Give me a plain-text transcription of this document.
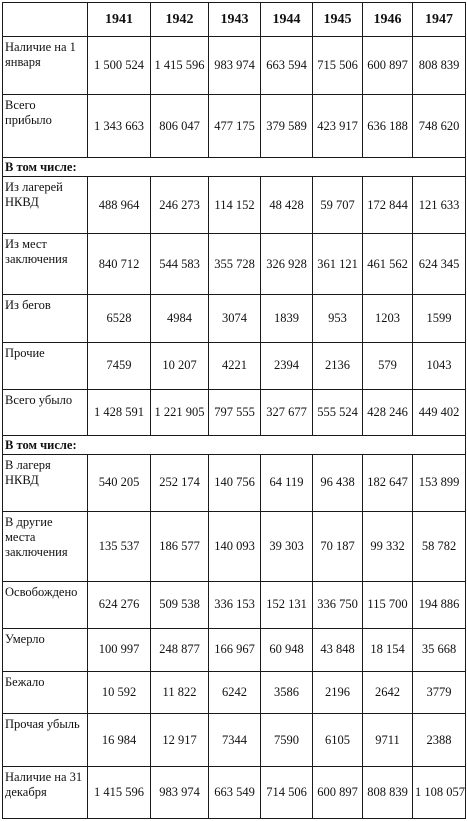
	1941	1942	1943	1944	1945	1946	1947
Наличие на 1 января	1 500 524	1 415 596	983 974	663 594	715 506	600 897	808 839
Всего прибыло	1 343 663	806 047	477 175	379 589	423 917	636 188	748 620
В том числе:							
Из лагерей НКВД	488 964	246 273	114 152	48 428	59 707	172 844	121 633
Из мест заключения	840 712	544 583	355 728	326 928	361 121	461 562	624 345
Из бегов	6528	4984	3074	1839	953	1203	1599
Прочие	7459	10 207	4221	2394	2136	579	1043
Всего убыло	1 428 591	1 221 905	797 555	327 677	555 524	428 246	449 402
В том числе:							
В лагеря НКВД	540 205	252 174	140 756	64 119	96 438	182 647	153 899
В другие места заключения	135 537	186 577	140 093	39 303	70 187	99 332	58 782
Освобождено	624 276	509 538	336 153	152 131	336 750	115 700	194 886
Умерло	100 997	248 877	166 967	60 948	43 848	18 154	35 668
Бежало	10 592	11 822	6242	3586	2196	2642	3779
Прочая убыль	16 984	12 917	7344	7590	6105	9711	2388
Наличие на 31 декабря	1 415 596	983 974	663 549	714 506	600 897	808 839	1 108 057
